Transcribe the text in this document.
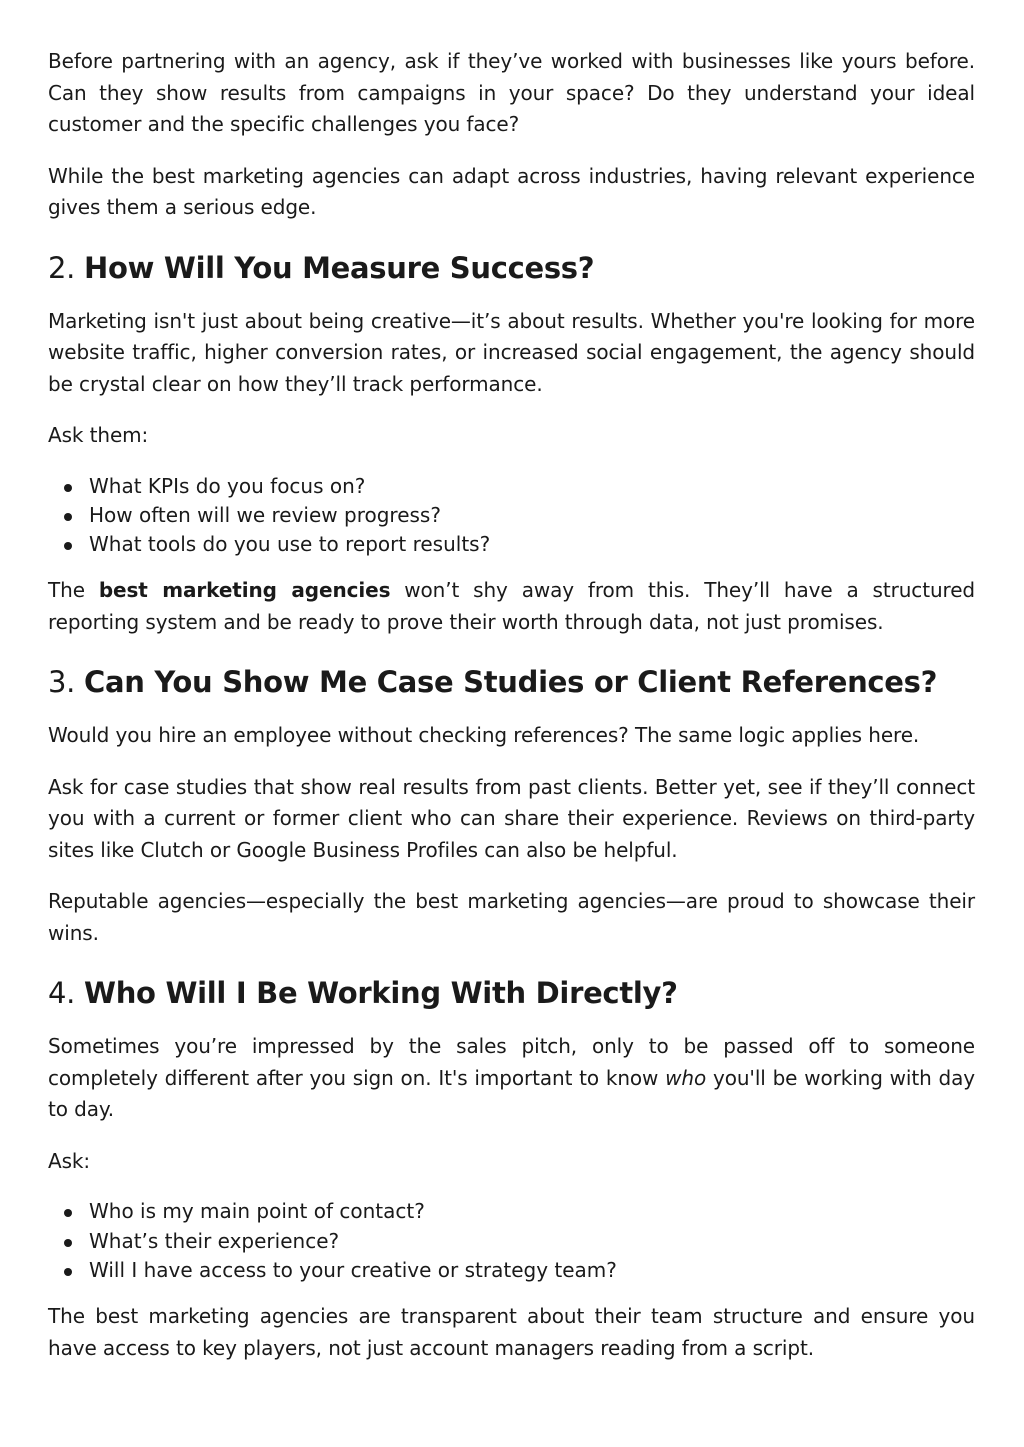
Before partnering with an agency, ask if they’ve worked with businesses like yours before. Can they show results from campaigns in your space? Do they understand your ideal customer and the specific challenges you face?

While the best marketing agencies can adapt across industries, having relevant experience gives them a serious edge.

2. How Will You Measure Success?

Marketing isn't just about being creative—it’s about results. Whether you're looking for more website traffic, higher conversion rates, or increased social engagement, the agency should be crystal clear on how they’ll track performance.

Ask them:

What KPIs do you focus on?
How often will we review progress?
What tools do you use to report results?

The best marketing agencies won’t shy away from this. They’ll have a structured reporting system and be ready to prove their worth through data, not just promises.

3. Can You Show Me Case Studies or Client References?

Would you hire an employee without checking references? The same logic applies here.

Ask for case studies that show real results from past clients. Better yet, see if they’ll connect you with a current or former client who can share their experience. Reviews on third-party sites like Clutch or Google Business Profiles can also be helpful.

Reputable agencies—especially the best marketing agencies—are proud to showcase their wins.

4. Who Will I Be Working With Directly?

Sometimes you’re impressed by the sales pitch, only to be passed off to someone completely different after you sign on. It's important to know who you'll be working with day to day.

Ask:

Who is my main point of contact?
What’s their experience?
Will I have access to your creative or strategy team?

The best marketing agencies are transparent about their team structure and ensure you have access to key players, not just account managers reading from a script.
